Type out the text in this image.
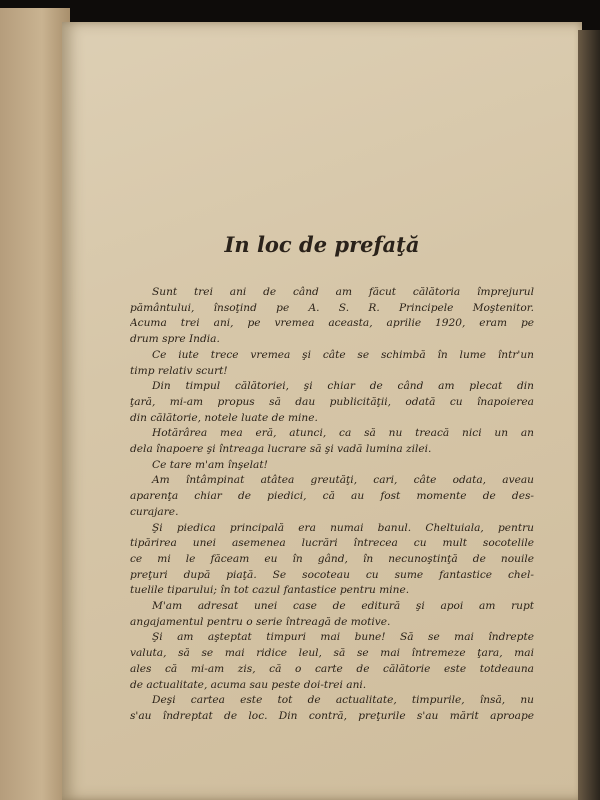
In loc de prefaţă
Sunt trei ani de când am făcut călătoria împrejurul
pământului, însoţind pe A. S. R. Principele Moştenitor.
Acuma trei ani, pe vremea aceasta, aprilie 1920, eram pe
drum spre India.
Ce iute trece vremea şi câte se schimbă în lume într'un
timp relativ scurt!
Din timpul călătoriei, şi chiar de când am plecat din
ţară, mi-am propus să dau publicităţii, odată cu înapoierea
din călătorie, notele luate de mine.
Hotărârea mea eră, atunci, ca să nu treacă nici un an
dela înapoere şi întreaga lucrare să şi vadă lumina zilei.
Ce tare m'am înşelat!
Am întâmpinat atâtea greutăţi, cari, câte odata, aveau
aparenţa chiar de piedici, că au fost momente de des-
curajare.
Şi piedica principală era numai banul. Cheltuiala, pentru
tipărirea unei asemenea lucrări întrecea cu mult socotelile
ce mi le făceam eu în gând, în necunoştinţă de nouile
preţuri după piaţă. Se socoteau cu sume fantastice chel-
tuelile tiparului; în tot cazul fantastice pentru mine.
M'am adresat unei case de editură şi apoi am rupt
angajamentul pentru o serie întreagă de motive.
Şi am aşteptat timpuri mai bune! Să se mai îndrepte
valuta, să se mai ridice leul, să se mai întremeze ţara, mai
ales că mi-am zis, că o carte de călătorie este totdeauna
de actualitate, acuma sau peste doi-trei ani.
Deşi cartea este tot de actualitate, timpurile, însă, nu
s'au îndreptat de loc. Din contră, preţurile s'au mărit aproape
